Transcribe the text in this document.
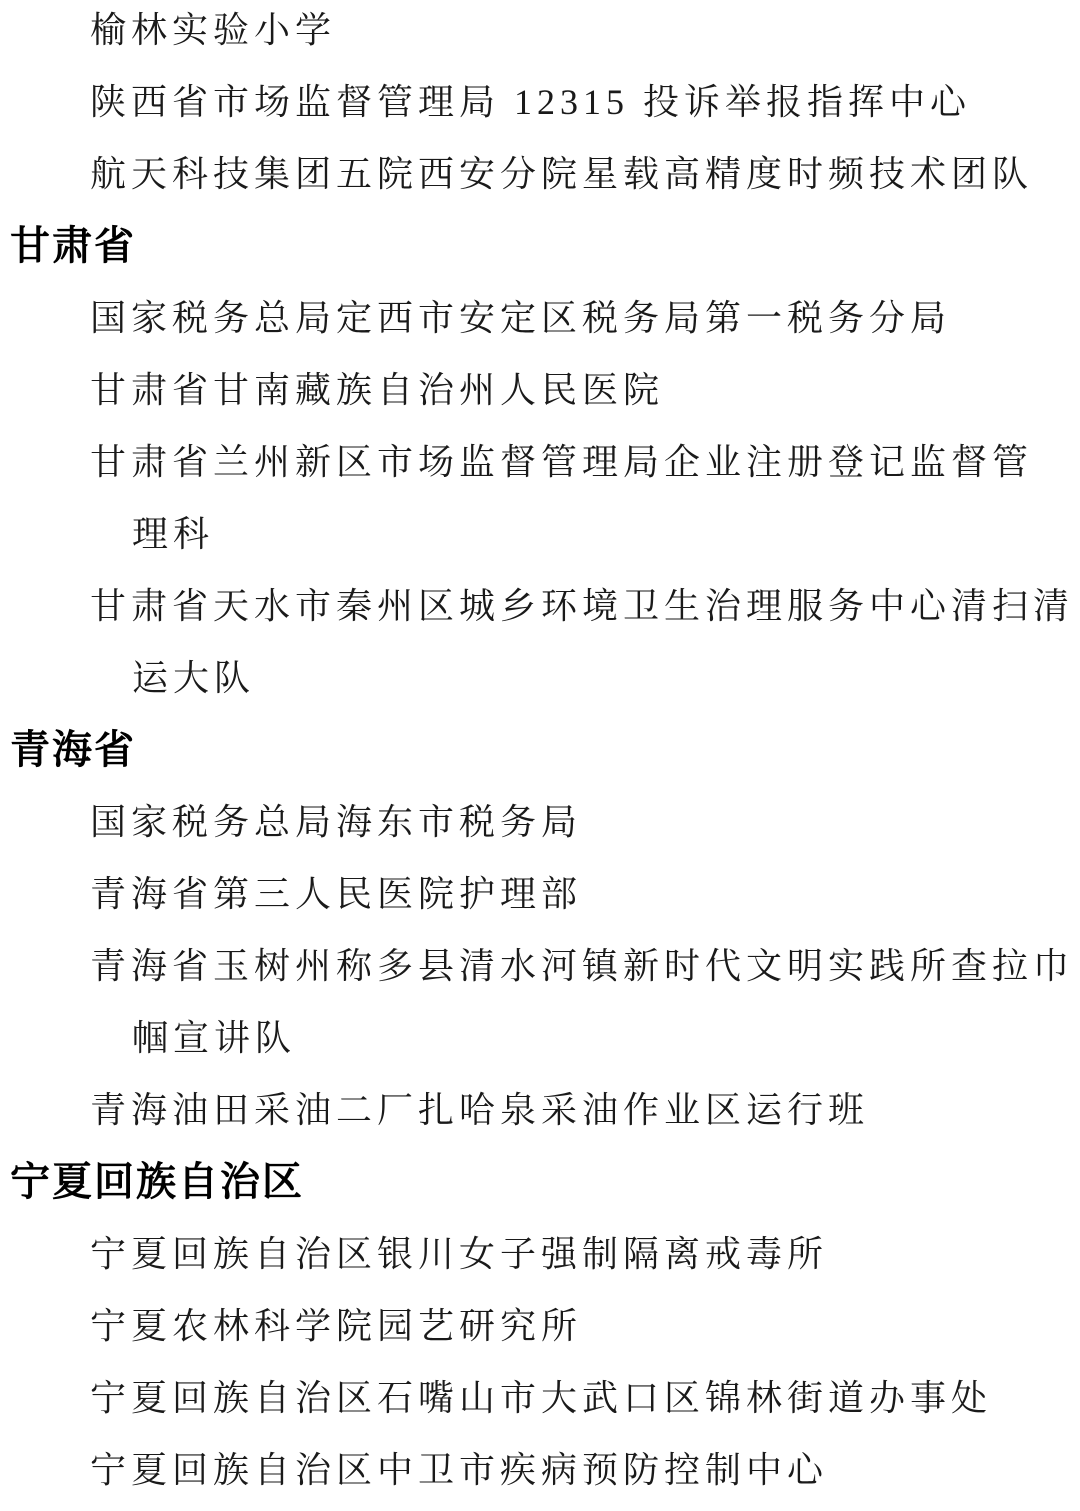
榆林实验小学
陕西省市场监督管理局 12315 投诉举报指挥中心
航天科技集团五院西安分院星载高精度时频技术团队
甘肃省
国家税务总局定西市安定区税务局第一税务分局
甘肃省甘南藏族自治州人民医院
甘肃省兰州新区市场监督管理局企业注册登记监督管
理科
甘肃省天水市秦州区城乡环境卫生治理服务中心清扫清
运大队
青海省
国家税务总局海东市税务局
青海省第三人民医院护理部
青海省玉树州称多县清水河镇新时代文明实践所查拉巾
帼宣讲队
青海油田采油二厂扎哈泉采油作业区运行班
宁夏回族自治区
宁夏回族自治区银川女子强制隔离戒毒所
宁夏农林科学院园艺研究所
宁夏回族自治区石嘴山市大武口区锦林街道办事处
宁夏回族自治区中卫市疾病预防控制中心
